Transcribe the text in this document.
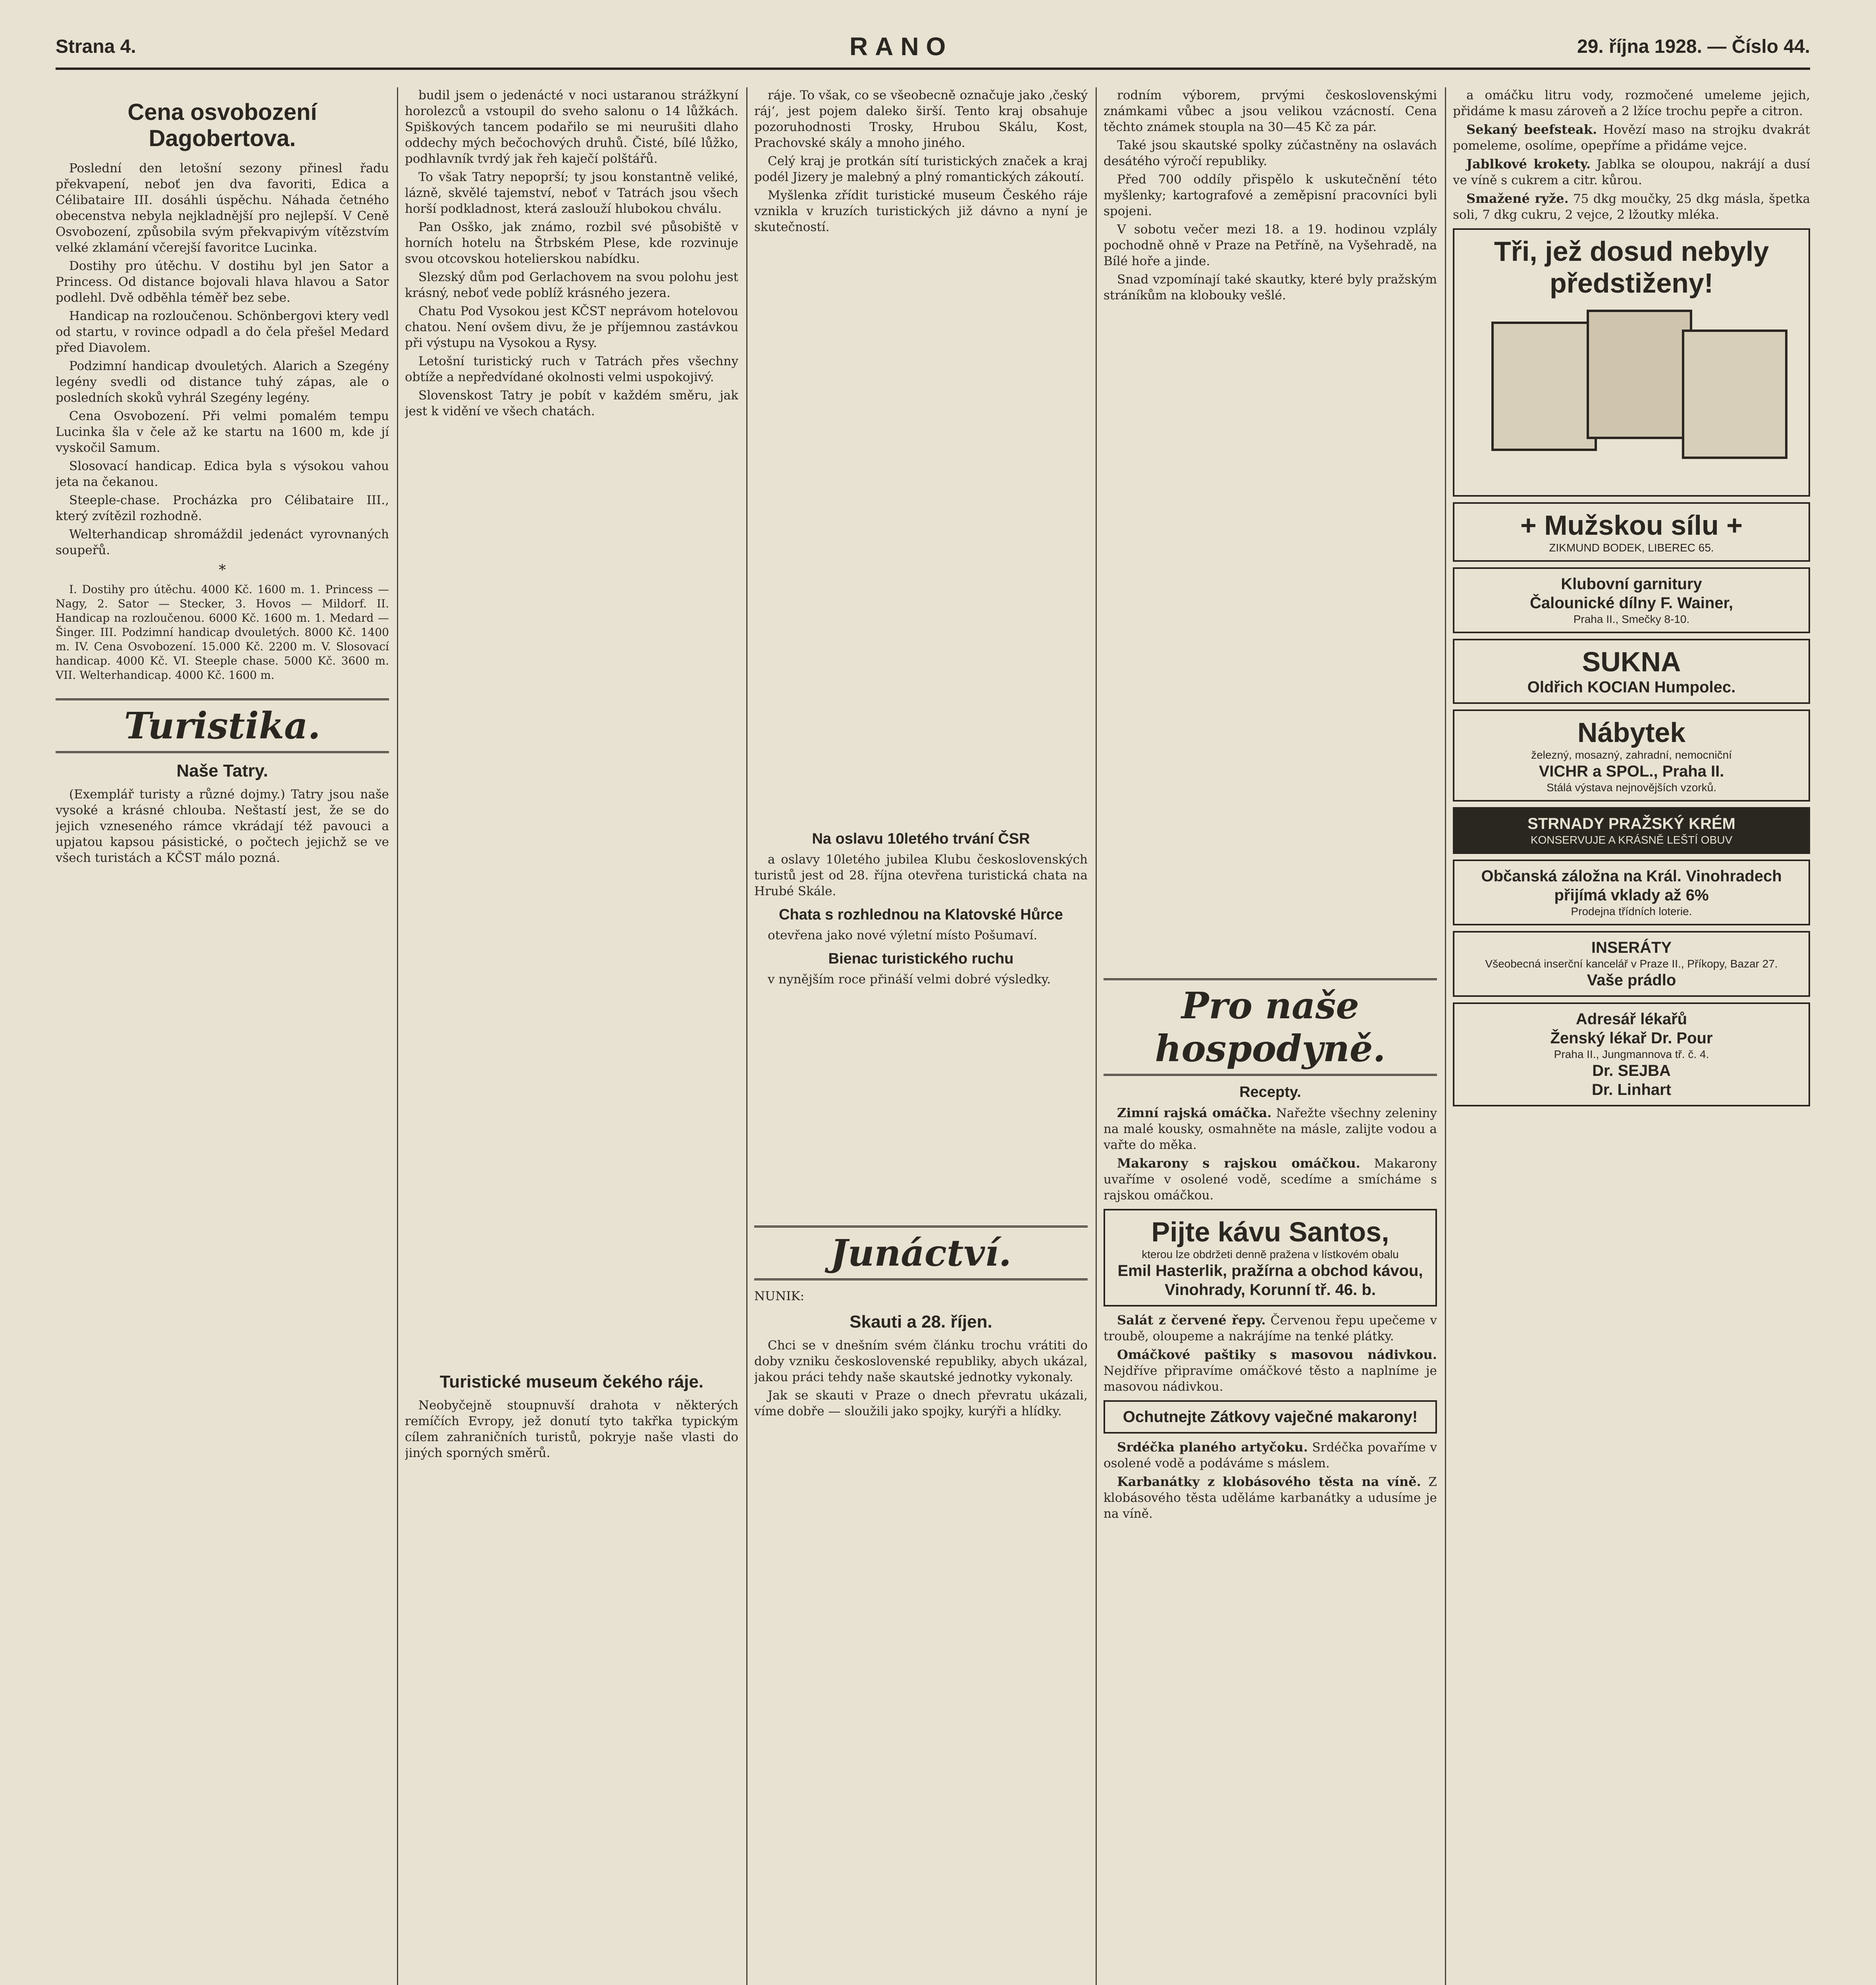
Strana 4.	RANO	29. října 1928. — Číslo 44.
Cena osvobození Dagobertova.

Poslední den letošní sezony přinesl řadu překvapení, neboť jen dva favoriti, Edica a Célibataire III. dosáhli úspěchu. Náhada četného obecenstva nebyla nejkladnější pro nejlepší. V Ceně Osvobození, způsobila svým překvapivým vítězstvím velké zklamání včerejší favoritce Lucinka.

Dostihy pro útěchu. V dostihu byl jen Sator a Princess. Od distance bojovali hlava hlavou a Sator podlehl. Dvě odběhla téměř bez sebe.

Handicap na rozloučenou. Schönbergovi ktery vedl od startu, v rovince odpadl a do čela přešel Medard před Diavolem.

Podzimní handicap dvouletých. Alarich a Szegény legény svedli od distance tuhý zápas, ale o posledních skoků vyhrál Szegény legény.

Cena Osvobození. Při velmi pomalém tempu Lucinka šla v čele až ke startu na 1600 m, kde jí vyskočil Samum.

Slosovací handicap. Edica byla s výsokou vahou jeta na čekanou.

Steeple-chase. Procházka pro Célibataire III., který zvítězil rozhodně.

Welterhandicap shromáždil jedenáct vyrovnaných soupeřů.

*

I. Dostihy pro útěchu. 4000 Kč. 1600 m. 1. Princess — Nagy, 2. Sator — Stecker, 3. Hovos — Mildorf. II. Handicap na rozloučenou. 6000 Kč. 1600 m. 1. Medard — Šinger. III. Podzimní handicap dvouletých. 8000 Kč. 1400 m. IV. Cena Osvobození. 15.000 Kč. 2200 m. V. Slosovací handicap. 4000 Kč. VI. Steeple chase. 5000 Kč. 3600 m. VII. Welterhandicap. 4000 Kč. 1600 m.

Turistika.
Naše Tatry.

(Exemplář turisty a různé dojmy.) Tatry jsou naše vysoké a krásné chlouba. Neštastí jest, že se do jejich vzneseného rámce vkrádají též pavouci a upjatou kapsou pásistické, o počtech jejichž se ve všech turistách a KČST málo pozná.

budil jsem o jedenácté v noci ustaranou strážkyní horolezců a vstoupil do sveho salonu o 14 lůžkách. Spiškových tancem podařilo se mi neurušiti dlaho oddechy mých bečochových druhů. Čisté, bílé lůžko, podhlavník tvrdý jak řeh kaječí polštářů.

To však Tatry nepoprší; ty jsou konstantně veliké, lázně, skvělé tajemství, neboť v Tatrách jsou všech horší podkladnost, která zaslouží hlubokou chválu.

Pan Osško, jak známo, rozbil své působiště v horních hotelu na Štrbském Plese, kde rozvinuje svou otcovskou hotelierskou nabídku.

Slezský dům pod Gerlachovem na svou polohu jest krásný, neboť vede poblíž krásného jezera.

Chatu Pod Vysokou jest KČST neprávom hotelovou chatou. Není ovšem divu, že je příjemnou zastávkou při výstupu na Vysokou a Rysy.

Letošní turistický ruch v Tatrách přes všechny obtíže a nepředvídané okolnosti velmi uspokojivý.

Slovenskost Tatry je pobít v každém směru, jak jest k vidění ve všech chatách.

Turistické museum čekého ráje.

Neobyčejně stoupnuvší drahota v některých remíčích Evropy, jež donutí tyto takřka typickým cílem zahraničních turistů, pokryje naše vlasti do jiných sporných směrů.

ráje. To však, co se všeobecně označuje jako ‚český ráj‘, jest pojem daleko širší. Tento kraj obsahuje pozoruhodnosti Trosky, Hrubou Skálu, Kost, Prachovské skály a mnoho jiného.

Celý kraj je protkán sítí turistických značek a kraj podél Jizery je malebný a plný romantických zákoutí.

Myšlenka zřídit turistické museum Českého ráje vznikla v kruzích turistických již dávno a nyní je skutečností.

Na oslavu 10letého trvání ČSR

a oslavy 10letého jubilea Klubu československých turistů jest od 28. října otevřena turistická chata na Hrubé Skále.

Chata s rozhlednou na Klatovské Hůrce

otevřena jako nové výletní místo Pošumaví.

Bienac turistického ruchu

v nynějším roce přináší velmi dobré výsledky.

Junáctví.

NUNIK:

Skauti a 28. říjen.

Chci se v dnešním svém článku trochu vrátiti do doby vzniku československé republiky, abych ukázal, jakou práci tehdy naše skautské jednotky vykonaly.

Jak se skauti v Praze o dnech převratu ukázali, víme dobře — sloužili jako spojky, kurýři a hlídky.

rodním výborem, prvými československými známkami vůbec a jsou velikou vzácností. Cena těchto známek stoupla na 30—45 Kč za pár.

Také jsou skautské spolky zúčastněny na oslavách desátého výročí republiky.

Před 700 oddíly přispělo k uskutečnění této myšlenky; kartografové a zeměpisní pracovníci byli spojeni.

V sobotu večer mezi 18. a 19. hodinou vzplály pochodně ohně v Praze na Petříně, na Vyšehradě, na Bílé hoře a jinde.

Snad vzpomínají také skautky, které byly pražským stráníkům na klobouky vešlé.

Pro naše hospodyně.
Recepty.

Zimní rajská omáčka. Nařežte všechny zeleniny na malé kousky, osmahněte na másle, zalijte vodou a vařte do měka.

Makarony s rajskou omáčkou. Makarony uvaříme v osolené vodě, scedíme a smícháme s rajskou omáčkou.

Pijte kávu Santos,
kterou lze obdržeti denně pražena v lístkovém obalu
Emil Hasterlik, pražírna a obchod kávou,
Vinohrady, Korunní tř. 46. b.

Salát z červené řepy. Červenou řepu upečeme v troubě, oloupeme a nakrájíme na tenké plátky.

Omáčkové paštiky s masovou nádivkou. Nejdříve připravíme omáčkové těsto a naplníme je masovou nádivkou.

Ochutnejte Zátkovy vaječné makarony!

Srdéčka planého artyčoku. Srdéčka povaříme v osolené vodě a podáváme s máslem.

Karbanátky z klobásového těsta na víně. Z klobásového těsta uděláme karbanátky a udusíme je na víně.

a omáčku litru vody, rozmočené umeleme jejich, přidáme k masu zároveň a 2 lžíce trochu pepře a citron.

Sekaný beefsteak. Hovězí maso na strojku dvakrát pomeleme, osolíme, opepříme a přidáme vejce.

Jablkové krokety. Jablka se oloupou, nakrájí a dusí ve víně s cukrem a citr. kůrou.

Smažené ryže. 75 dkg moučky, 25 dkg másla, špetka soli, 7 dkg cukru, 2 vejce, 2 lžoutky mléka.

Tři, jež dosud nebyly předstiženy!
+ Mužskou sílu +
ZIKMUND BODEK, LIBEREC 65.
Klubovní garnitury
Čalounické dílny F. Wainer,
Praha II., Smečky 8-10.
SUKNA
Oldřich KOCIAN Humpolec.
Nábytek
železný, mosazný, zahradní, nemocniční
VICHR a SPOL., Praha II.
Stálá výstava nejnovějších vzorků.
STRNADY PRAŽSKÝ KRÉM
KONSERVUJE A KRÁSNĚ LEŠTÍ OBUV
Občanská záložna na Král. Vinohradech přijímá vklady až 6%
Prodejna třídních loterie.
INSERÁTY
Všeobecná inserční kancelář v Praze II., Příkopy, Bazar 27.
Vaše prádlo
Adresář lékařů
Ženský lékař Dr. Pour
Praha II., Jungmannova tř. č. 4.
Dr. SEJBA
Dr. Linhart
